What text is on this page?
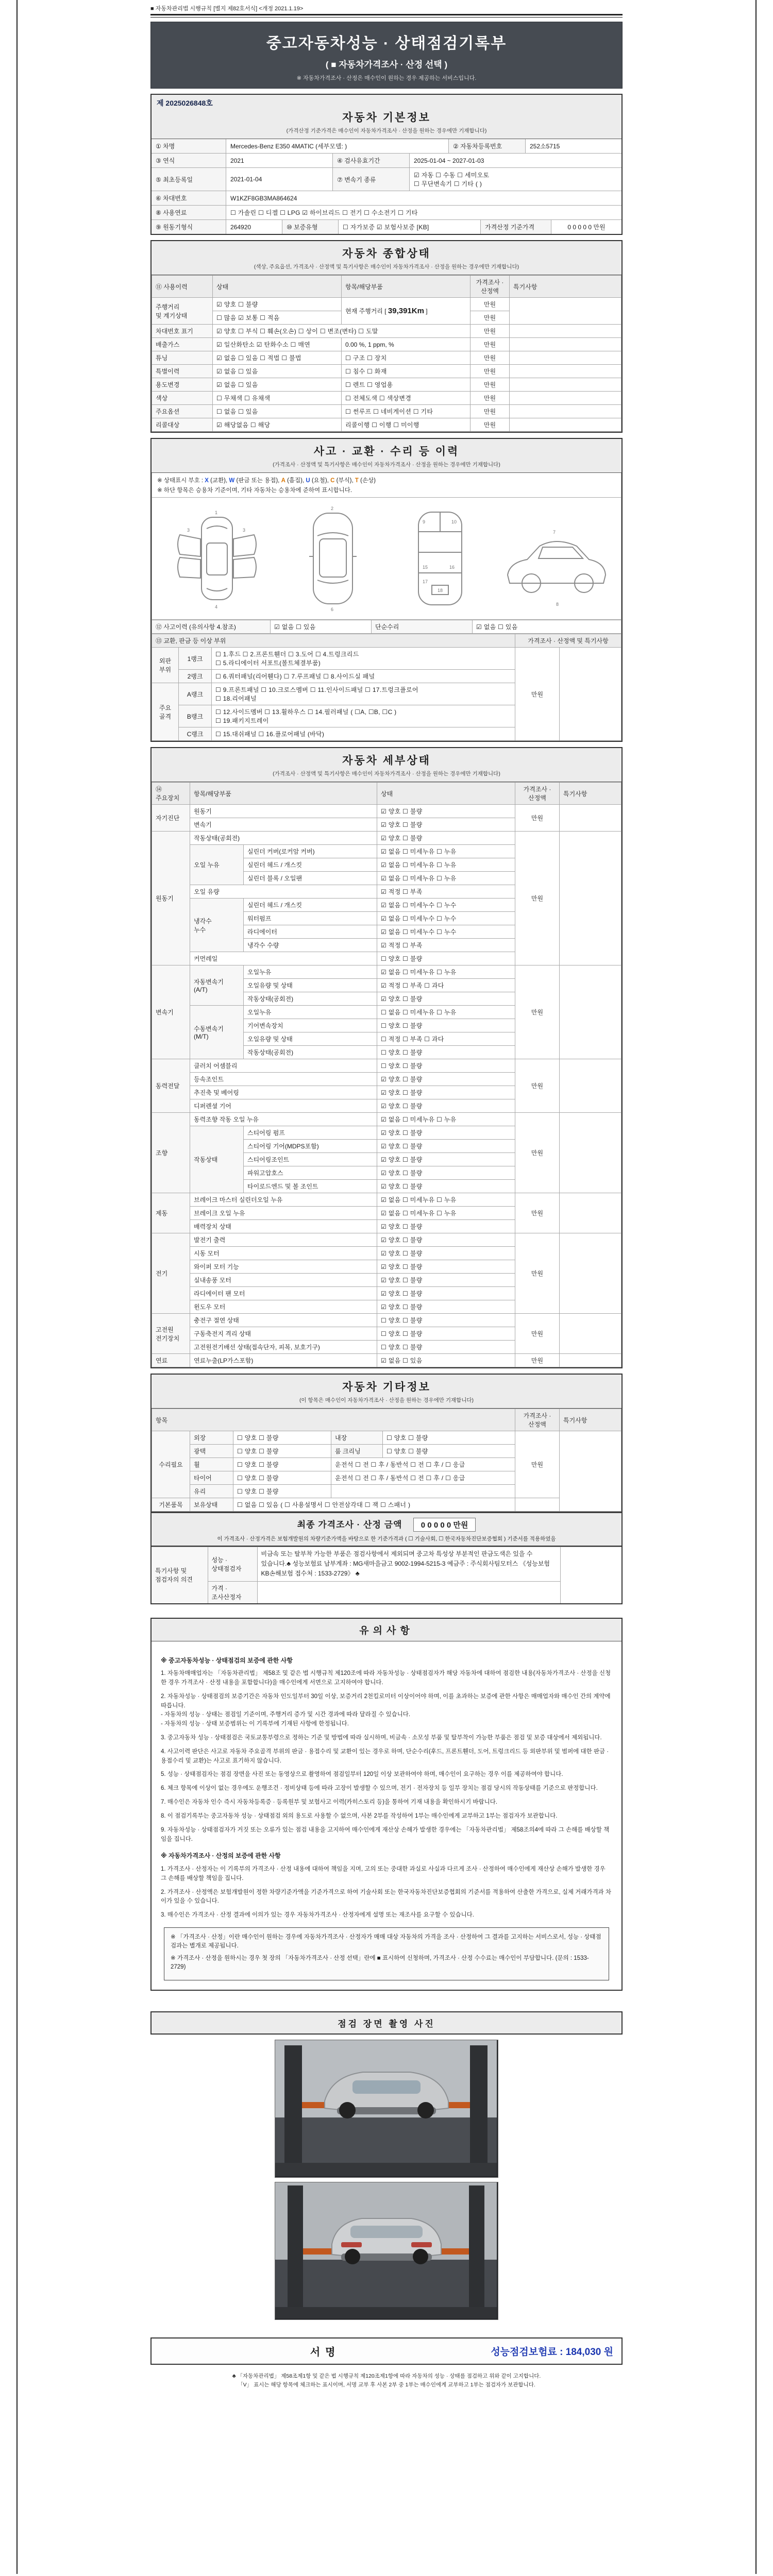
■ 자동차관리법 시행규칙 [별지 제82호서식] <개정 2021.1.19>
중고자동차성능 · 상태점검기록부
( ■ 자동차가격조사 · 산정 선택 )
※ 자동차가격조사 · 산정은 매수인이 원하는 경우 제공하는 서비스입니다.
제 2025026848호
자동차 기본정보
(가격산정 기준가격은 매수인이 자동차가격조사 · 산정을 원하는 경우에만 기재합니다)
① 차명	Mercedes-Benz E350 4MATIC (세부모델: )	② 자동차등록번호	252소5715
③ 연식	2021	④ 검사유효기간	2025-01-04 ~ 2027-01-03
⑤ 최초등록일	2021-01-04	⑦ 변속기 종류
☑ 자동 ☐ 수동 ☐ 세미오토
☐ 무단변속기 ☐ 기타 ( )
⑥ 차대번호	W1KZF8GB3MA864624
⑧ 사용연료	☐ 가솔린 ☐ 디젤 ☐ LPG ☑ 하이브리드 ☐ 전기 ☐ 수소전기 ☐ 기타
⑨ 원동기형식	264920	⑩ 보증유형	☐ 자가보증 ☑ 보험사보증 [KB]	가격산정 기준가격	0 0 0 0 0 만원
자동차 종합상태
(색상, 주요옵션, 가격조사 · 산정액 및 특기사항은 매수인이 자동차가격조사 · 산정을 원하는 경우에만 기재합니다)
⑪ 사용이력	상태	항목/해당부품	가격조사 · 산정액	특기사항
주행거리
및 계기상태	☑ 양호 ☐ 불량	현재 주행거리 [ 39,391Km ]	만원	
	☐ 많음 ☑ 보통 ☐ 적음		만원	
차대번호 표기	☑ 양호 ☐ 부식 ☐ 훼손(오손) ☐ 상이 ☐ 변조(변타) ☐ 도말		만원	
배출가스	☑ 일산화탄소 ☑ 탄화수소 ☐ 매연	0.00 %, 1 ppm, %	만원	
튜닝	☑ 없음 ☐ 있음 ☐ 적법 ☐ 불법	☐ 구조 ☐ 장치	만원	
특별이력	☑ 없음 ☐ 있음	☐ 침수 ☐ 화재	만원	
용도변경	☑ 없음 ☐ 있음	☐ 렌트 ☐ 영업용	만원	
색상	☐ 무채색 ☐ 유채색	☐ 전체도색 ☐ 색상변경	만원	
주요옵션	☐ 없음 ☐ 있음	☐ 썬루프 ☐ 네비게이션 ☐ 기타	만원	
리콜대상	☑ 해당없음 ☐ 해당	리콜이행 ☐ 이행 ☐ 미이행	만원	
사고 · 교환 · 수리 등 이력
(가격조사 · 산정액 및 특기사항은 매수인이 자동차가격조사 · 산정을 원하는 경우에만 기재합니다)
※ 상태표시 부호 : X (교환), W (판금 또는 용접), A (흠집), U (요철), C (부식), T (손상)
※ 하단 항목은 승용차 기준이며, 기타 자동차는 승용차에 준하여 표시합니다.
1
4
3	3
2
6
9	10
15	16
17
18
7
8
⑫ 사고이력 (유의사항 4.참조)	☑ 없음 ☐ 있음	단순수리	☑ 없음 ☐ 있음
⑬ 교환, 판금 등 이상 부위			가격조사 · 산정액 및 특기사항	
외판
부위	1랭크	☐ 1.후드 ☐ 2.프론트휀더 ☐ 3.도어 ☐ 4.트렁크리드
☐ 5.라디에이터 서포트(볼트체결부품)	만원	
	2랭크	☐ 6.쿼터패널(리어휀다) ☐ 7.루프패널 ☐ 8.사이드실 패널		
주요
골격	A랭크	☐ 9.프론트패널 ☐ 10.크로스멤버 ☐ 11.인사이드패널 ☐ 17.트렁크플로어
☐ 18.리어패널		
	B랭크	☐ 12.사이드멤버 ☐ 13.휠하우스 ☐ 14.필러패널 ( ☐A, ☐B, ☐C )
☐ 19.패키지트레이		
	C랭크	☐ 15.대쉬패널 ☐ 16.플로어패널 (바닥)		
자동차 세부상태
(가격조사 · 산정액 및 특기사항은 매수인이 자동차가격조사 · 산정을 원하는 경우에만 기재합니다)
⑭ 주요장치	항목/해당부품		상태	가격조사 · 산정액	특기사항
자기진단	원동기		☑ 양호 ☐ 불량	만원	
	변속기		☑ 양호 ☐ 불량		
원동기	작동상태(공회전)		☑ 양호 ☐ 불량	만원	
	오일 누유	실린더 커버(로커암 커버)	☑ 없음 ☐ 미세누유 ☐ 누유		
		실린더 헤드 / 개스킷	☑ 없음 ☐ 미세누유 ☐ 누유		
		실린더 블록 / 오일팬	☑ 없음 ☐ 미세누유 ☐ 누유		
	오일 유량		☑ 적정 ☐ 부족		
	냉각수
누수	실린더 헤드 / 개스킷	☑ 없음 ☐ 미세누수 ☐ 누수		
		워터펌프	☑ 없음 ☐ 미세누수 ☐ 누수		
		라디에이터	☑ 없음 ☐ 미세누수 ☐ 누수		
		냉각수 수량	☑ 적정 ☐ 부족		
	커먼레일		☐ 양호 ☐ 불량		
변속기	자동변속기
(A/T)	오일누유	☑ 없음 ☐ 미세누유 ☐ 누유	만원	
		오일유량 및 상태	☑ 적정 ☐ 부족 ☐ 과다		
		작동상태(공회전)	☑ 양호 ☐ 불량		
	수동변속기
(M/T)	오일누유	☐ 없음 ☐ 미세누유 ☐ 누유		
		기어변속장치	☐ 양호 ☐ 불량		
		오일유량 및 상태	☐ 적정 ☐ 부족 ☐ 과다		
		작동상태(공회전)	☐ 양호 ☐ 불량		
동력전달	클러치 어셈블리		☐ 양호 ☐ 불량	만원	
	등속조인트		☑ 양호 ☐ 불량		
	추진축 및 베어링		☑ 양호 ☐ 불량		
	디퍼렌셜 기어		☑ 양호 ☐ 불량		
조향	동력조향 작동 오일 누유		☑ 없음 ☐ 미세누유 ☐ 누유	만원	
	작동상태	스티어링 펌프	☑ 양호 ☐ 불량		
		스티어링 기어(MDPS포함)	☑ 양호 ☐ 불량		
		스티어링조인트	☑ 양호 ☐ 불량		
		파워고압호스	☑ 양호 ☐ 불량		
		타이로드엔드 및 볼 조인트	☑ 양호 ☐ 불량		
제동	브레이크 마스터 실린더오일 누유		☑ 없음 ☐ 미세누유 ☐ 누유	만원	
	브레이크 오일 누유		☑ 없음 ☐ 미세누유 ☐ 누유		
	배력장치 상태		☑ 양호 ☐ 불량		
전기	발전기 출력		☑ 양호 ☐ 불량	만원	
	시동 모터		☑ 양호 ☐ 불량		
	와이퍼 모터 기능		☑ 양호 ☐ 불량		
	실내송풍 모터		☑ 양호 ☐ 불량		
	라디에이터 팬 모터		☑ 양호 ☐ 불량		
	윈도우 모터		☑ 양호 ☐ 불량		
고전원
전기장치	충전구 절연 상태		☐ 양호 ☐ 불량	만원	
	구동축전지 격리 상태		☐ 양호 ☐ 불량		
	고전원전기배선 상태(접속단자, 피복, 보호기구)		☐ 양호 ☐ 불량		
연료	연료누출(LP가스포함)		☑ 없음 ☐ 있음	만원	
자동차 기타정보
(이 항목은 매수인이 자동차가격조사 · 산정을 원하는 경우에만 기재합니다)
항목					가격조사 · 산정액	특기사항
수리필요	외장	☐ 양호 ☐ 불량	내장	☐ 양호 ☐ 불량	만원	
	광택	☐ 양호 ☐ 불량	룸 크리닝	☐ 양호 ☐ 불량		
	휠	☐ 양호 ☐ 불량	운전석 ☐ 전 ☐ 후 / 동반석 ☐ 전 ☐ 후 / ☐ 응급			
	타이어	☐ 양호 ☐ 불량	운전석 ☐ 전 ☐ 후 / 동반석 ☐ 전 ☐ 후 / ☐ 응급			
	유리	☐ 양호 ☐ 불량				
기본품목	보유상태	☐ 없음 ☐ 있음 ( ☐ 사용설명서 ☐ 안전삼각대 ☐ 잭 ☐ 스패너 )				
최종 가격조사 · 산정 금액 0 0 0 0 0 만원
이 가격조사 · 산정가격은 보험개발원의 차량기준가액을 바탕으로 한 기준가격과 ( ☐ 기술사회, ☐ 한국자동차진단보증협회 ) 기준서를 적용하였음
특기사항 및
점검자의 의견	성능 · 상태점검자	비금속 또는 탈부착 가능한 부품은 점검사항에서 제외되며 중고차 특성상 부분적인 판금도색은 있을 수 있습니다.♣ 성능보험료 납부계좌 : MG새마을금고 9002-1994-5215-3 예금주 : 주식회사팀모터스 《성능보험 KB손해보험 접수처 : 1533-2729》 ♣	
	가격 · 조사산정자		
유의사항
※ 중고자동차성능 · 상태점검의 보증에 관한 사항

1. 자동차매매업자는 「자동차관리법」 제58조 및 같은 법 시행규칙 제120조에 따라 자동차성능 · 상태점검자가 해당 자동차에 대하여 점검한 내용(자동차가격조사 · 산정을 신청한 경우 가격조사 · 산정 내용을 포함합니다)을 매수인에게 서면으로 고지하여야 합니다.

2. 자동차성능 · 상태점검의 보증기간은 자동차 인도일부터 30일 이상, 보증거리 2천킬로미터 이상이어야 하며, 이를 초과하는 보증에 관한 사항은 매매업자와 매수인 간의 계약에 따릅니다.
- 자동차의 성능 · 상태는 점검일 기준이며, 주행거리 증가 및 시간 경과에 따라 달라질 수 있습니다.
- 자동차의 성능 · 상태 보증범위는 이 기록부에 기재된 사항에 한정됩니다.

3. 중고자동차 성능 · 상태점검은 국토교통부령으로 정하는 기준 및 방법에 따라 실시하며, 비금속 · 소모성 부품 및 탈부착이 가능한 부품은 점검 및 보증 대상에서 제외됩니다.

4. 사고이력 판단은 사고로 자동차 주요골격 부위의 판금 · 용접수리 및 교환이 있는 경우로 하며, 단순수리(후드, 프론트휀더, 도어, 트렁크리드 등 외판부위 및 범퍼에 대한 판금 · 용접수리 및 교환)는 사고로 표기하지 않습니다.

5. 성능 · 상태점검자는 점검 장면을 사진 또는 동영상으로 촬영하여 점검일부터 120일 이상 보관하여야 하며, 매수인이 요구하는 경우 이를 제공하여야 합니다.

6. 체크 항목에 이상이 없는 경우에도 운행조건 · 정비상태 등에 따라 고장이 발생할 수 있으며, 전기 · 전자장치 등 일부 장치는 점검 당시의 작동상태를 기준으로 판정합니다.

7. 매수인은 자동차 인수 즉시 자동차등록증 · 등록원부 및 보험사고 이력(카히스토리 등)을 통하여 기재 내용을 확인하시기 바랍니다.

8. 이 점검기록부는 중고자동차 성능 · 상태점검 외의 용도로 사용할 수 없으며, 사본 2부를 작성하여 1부는 매수인에게 교부하고 1부는 점검자가 보관합니다.

9. 자동차성능 · 상태점검자가 거짓 또는 오류가 있는 점검 내용을 고지하여 매수인에게 재산상 손해가 발생한 경우에는 「자동차관리법」 제58조의4에 따라 그 손해를 배상할 책임을 집니다.

※ 자동차가격조사 · 산정의 보증에 관한 사항

1. 가격조사 · 산정자는 이 기록부의 가격조사 · 산정 내용에 대하여 책임을 지며, 고의 또는 중대한 과실로 사실과 다르게 조사 · 산정하여 매수인에게 재산상 손해가 발생한 경우 그 손해를 배상할 책임을 집니다.

2. 가격조사 · 산정액은 보험개발원이 정한 차량기준가액을 기준가격으로 하여 기술사회 또는 한국자동차진단보증협회의 기준서를 적용하여 산출한 가격으로, 실제 거래가격과 차이가 있을 수 있습니다.

3. 매수인은 가격조사 · 산정 결과에 이의가 있는 경우 자동차가격조사 · 산정자에게 설명 또는 재조사를 요구할 수 있습니다.

※ 「가격조사 · 산정」이란 매수인이 원하는 경우에 자동차가격조사 · 산정자가 매매 대상 자동차의 가격을 조사 · 산정하여 그 결과를 고지하는 서비스로서, 성능 · 상태점검과는 별개로 제공됩니다.

※ 가격조사 · 산정을 원하시는 경우 첫 장의 「자동차가격조사 · 산정 선택」란에 ■ 표시하여 신청하며, 가격조사 · 산정 수수료는 매수인이 부담합니다. (문의 : 1533-2729)

점검 장면 촬영 사진
서명	성능점검보험료 : 184,030 원
♣ 「자동차관리법」 제58조제1항 및 같은 법 시행규칙 제120조제1항에 따라 자동차의 성능 · 상태를 점검하고 위와 같이 고지합니다.
「V」 표시는 해당 항목에 체크하는 표시이며, 서명 교부 후 사본 2부 중 1부는 매수인에게 교부하고 1부는 점검자가 보관합니다.
